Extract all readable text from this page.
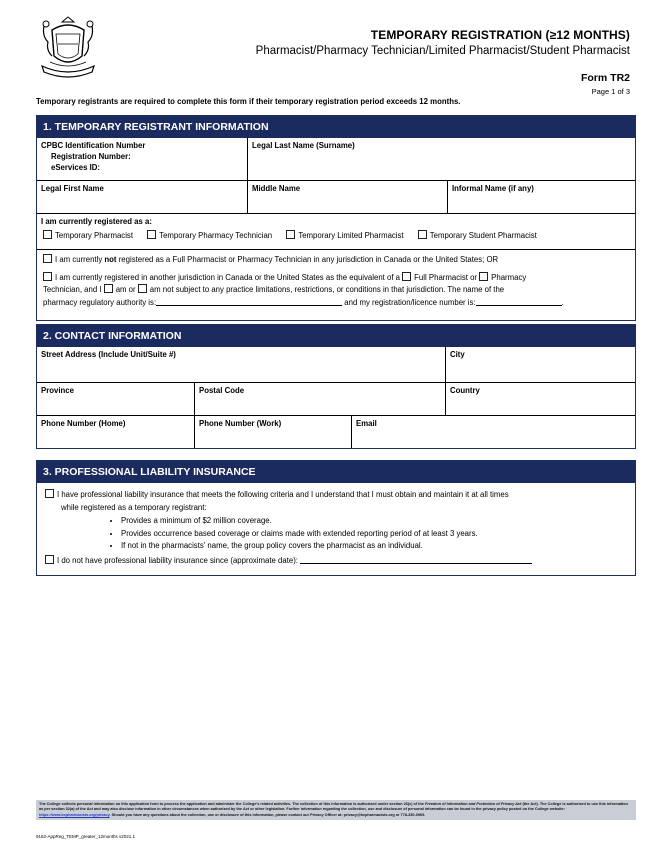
TEMPORARY REGISTRATION (≥12 MONTHS)
Pharmacist/Pharmacy Technician/Limited Pharmacist/Student Pharmacist
Form TR2
Page 1 of 3
Temporary registrants are required to complete this form if their temporary registration period exceeds 12 months.
1. TEMPORARY REGISTRANT INFORMATION
CPBC Identification Number
Registration Number:
eServices ID:
Legal Last Name (Surname)
Legal First Name	Middle Name	Informal Name (if any)
I am currently registered as a:
Temporary Pharmacist	Temporary Pharmacy Technician	Temporary Limited Pharmacist	Temporary Student Pharmacist
I am currently not registered as a Full Pharmacist or Pharmacy Technician in any jurisdiction in Canada or the United States; OR
I am currently registered in another jurisdiction in Canada or the United States as the equivalent of a Full Pharmacist or Pharmacy
Technician, and I am or am not subject to any practice limitations, restrictions, or conditions in that jurisdiction. The name of the
pharmacy regulatory authority is:	and my registration/licence number is:	.
2. CONTACT INFORMATION
Street Address (Include Unit/Suite #)	City
Province	Postal Code	Country
Phone Number (Home)	Phone Number (Work)	Email
3. PROFESSIONAL LIABILITY INSURANCE
I have professional liability insurance that meets the following criteria and I understand that I must obtain and maintain it at all times
while registered as a temporary registrant:
• Provides a minimum of $2 million coverage.
• Provides occurrence based coverage or claims made with extended reporting period of at least 3 years.
• If not in the pharmacists' name, the group policy covers the pharmacist as an individual.
I do not have professional liability insurance since (approximate date):
The College collects personal information on this application form to process the application and administer the College's related activities. The collection of this information is authorized under section 26(c) of the Freedom of Information and Protection of Privacy Act (the Act). The College is authorized to use this information as per section 32(a) of the Act and may also disclose information in other circumstances when authorized by the Act or other legislation. Further information regarding the collection, use and disclosure of personal information can be found in the privacy policy posted on the College website: https://www.bcpharmacists.org/privacy. Should you have any questions about the collection, use or disclosure of this information, please contact our Privacy Officer at: privacy@bcpharmacists.org or 778-330-0969.
9162-AppReg_TEMP_greater_12months v2021.1
